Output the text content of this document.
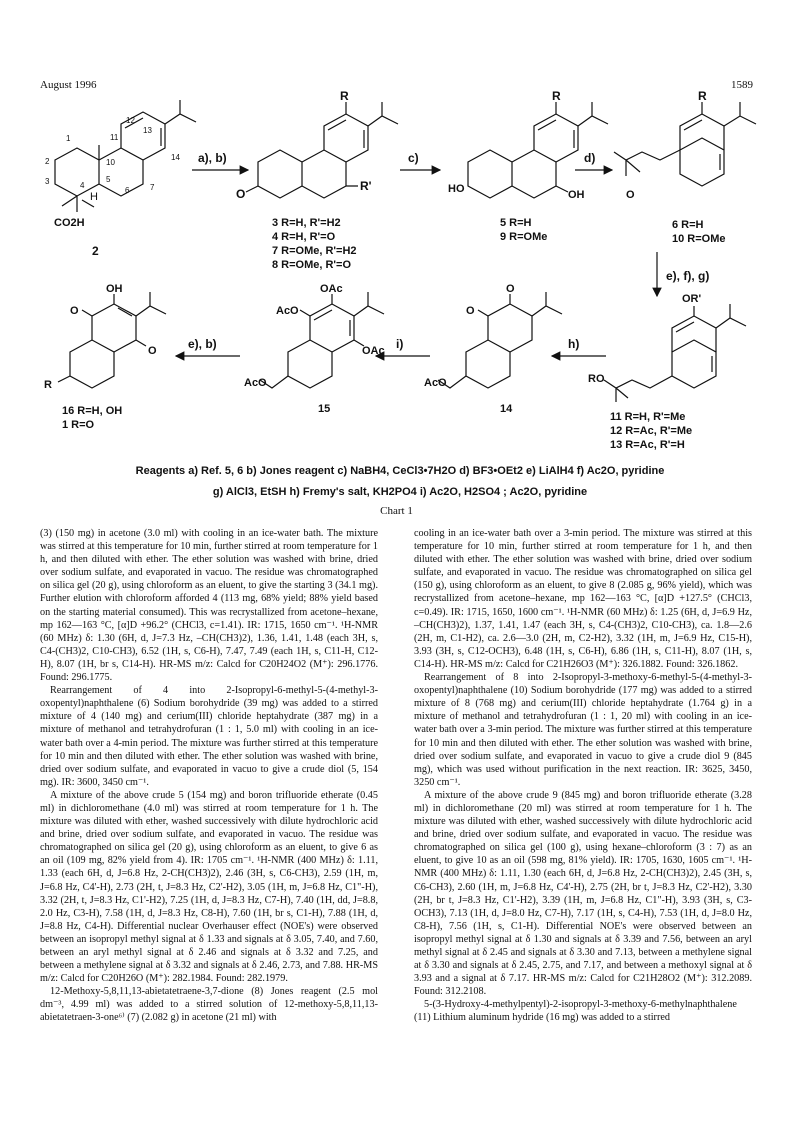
August 1996	1589
CO2H
H
2
12
13
11
14
2
3
1
10
5
4
6	7
a), b)
R
R'
O
3 R=H, R'=H2
4 R=H, R'=O
7 R=OMe, R'=H2
8 R=OMe, R'=O
c)
R
HO	OH
5 R=H
9 R=OMe
d)
R
O
6 R=H
10 R=OMe
e), f), g)
OR'
RO
11 R=H, R'=Me
12 R=Ac, R'=Me
13 R=Ac, R'=H
h)
O
O
AcO
14
i)
OAc
AcO
OAc
AcO
15
e), b)
OH
O
O
R
16 R=H, OH
1 R=O
Reagents a) Ref. 5, 6 b) Jones reagent c) NaBH4, CeCl3•7H2O d) BF3•OEt2 e) LiAlH4 f) Ac2O, pyridine
g) AlCl3, EtSH h) Fremy's salt, KH2PO4 i) Ac2O, H2SO4 ; Ac2O, pyridine
Chart 1

(3) (150 mg) in acetone (3.0 ml) with cooling in an ice-water bath. The mixture was stirred at this temperature for 10 min, further stirred at room temperature for 1 h, and then diluted with ether. The ether solution was washed with brine, dried over sodium sulfate, and evaporated in vacuo. The residue was chromatographed on silica gel (20 g), using chloroform as an eluent, to give the starting 3 (34.1 mg). Further elution with chloroform afforded 4 (113 mg, 68% yield; 88% yield based on the starting material consumed). This was recrystallized from acetone–hexane, mp 162—163 °C, [α]D +96.2° (CHCl3, c=1.41). IR: 1715, 1650 cm⁻¹. ¹H-NMR (60 MHz) δ: 1.30 (6H, d, J=7.3 Hz, –CH(CH3)2), 1.36, 1.41, 1.48 (each 3H, s, C4-(CH3)2, C10-CH3), 6.52 (1H, s, C6-H), 7.47, 7.49 (each 1H, s, C11-H, C12-H), 8.07 (1H, br s, C14-H). HR-MS m/z: Calcd for C20H24O2 (M⁺): 296.1776. Found: 296.1775.

Rearrangement of 4 into 2-Isopropyl-6-methyl-5-(4-methyl-3-oxopentyl)naphthalene (6) Sodium borohydride (39 mg) was added to a stirred mixture of 4 (140 mg) and cerium(III) chloride heptahydrate (387 mg) in a mixture of methanol and tetrahydrofuran (1 : 1, 5.0 ml) with cooling in an ice-water bath over a 4-min period. The mixture was further stirred at this temperature for 10 min and then diluted with ether. The ether solution was washed with brine, dried over sodium sulfate, and evaporated in vacuo to give a crude diol (5, 154 mg). IR: 3600, 3450 cm⁻¹.

A mixture of the above crude 5 (154 mg) and boron trifluoride etherate (0.45 ml) in dichloromethane (4.0 ml) was stirred at room temperature for 1 h. The mixture was diluted with ether, washed successively with dilute hydrochloric acid and brine, dried over sodium sulfate, and evaporated in vacuo. The residue was chromatographed on silica gel (20 g), using chloroform as an eluent, to give 6 as an oil (109 mg, 82% yield from 4). IR: 1705 cm⁻¹. ¹H-NMR (400 MHz) δ: 1.11, 1.33 (each 6H, d, J=6.8 Hz, 2-CH(CH3)2), 2.46 (3H, s, C6-CH3), 2.59 (1H, m, J=6.8 Hz, C4'-H), 2.73 (2H, t, J=8.3 Hz, C2'-H2), 3.05 (1H, m, J=6.8 Hz, C1"-H), 3.32 (2H, t, J=8.3 Hz, C1'-H2), 7.25 (1H, d, J=8.3 Hz, C7-H), 7.40 (1H, dd, J=8.8, 2.0 Hz, C3-H), 7.58 (1H, d, J=8.3 Hz, C8-H), 7.60 (1H, br s, C1-H), 7.88 (1H, d, J=8.8 Hz, C4-H). Differential nuclear Overhauser effect (NOE's) were observed between an isopropyl methyl signal at δ 1.33 and signals at δ 3.05, 7.40, and 7.60, between an aryl methyl signal at δ 2.46 and signals at δ 3.32 and 7.25, and between a methylene signal at δ 3.32 and signals at δ 2.46, 2.73, and 7.88. HR-MS m/z: Calcd for C20H26O (M⁺): 282.1984. Found: 282.1979.

12-Methoxy-5,8,11,13-abietatetraene-3,7-dione (8) Jones reagent (2.5 mol dm⁻³, 4.99 ml) was added to a stirred solution of 12-methoxy-5,8,11,13-abietatetraen-3-one⁶⁾ (7) (2.082 g) in acetone (21 ml) with

cooling in an ice-water bath over a 3-min period. The mixture was stirred at this temperature for 10 min, further stirred at room temperature for 1 h, and then diluted with ether. The ether solution was washed with brine, dried over sodium sulfate, and evaporated in vacuo. The residue was chromatographed on silica gel (150 g), using chloroform as an eluent, to give 8 (2.085 g, 96% yield), which was recrystallized from acetone–hexane, mp 162—163 °C, [α]D +127.5° (CHCl3, c=0.49). IR: 1715, 1650, 1600 cm⁻¹. ¹H-NMR (60 MHz) δ: 1.25 (6H, d, J=6.9 Hz, –CH(CH3)2), 1.37, 1.41, 1.47 (each 3H, s, C4-(CH3)2, C10-CH3), ca. 1.8—2.6 (2H, m, C1-H2), ca. 2.6—3.0 (2H, m, C2-H2), 3.32 (1H, m, J=6.9 Hz, C15-H), 3.93 (3H, s, C12-OCH3), 6.48 (1H, s, C6-H), 6.86 (1H, s, C11-H), 8.07 (1H, s, C14-H). HR-MS m/z: Calcd for C21H26O3 (M⁺): 326.1882. Found: 326.1862.

Rearrangement of 8 into 2-Isopropyl-3-methoxy-6-methyl-5-(4-methyl-3-oxopentyl)naphthalene (10) Sodium borohydride (177 mg) was added to a stirred mixture of 8 (768 mg) and cerium(III) chloride heptahydrate (1.764 g) in a mixture of methanol and tetrahydrofuran (1 : 1, 20 ml) with cooling in an ice-water bath over a 3-min period. The mixture was further stirred at this temperature for 10 min and then diluted with ether. The ether solution was washed with brine, dried over sodium sulfate, and evaporated in vacuo to give a crude diol 9 (845 mg), which was used without purification in the next reaction. IR: 3625, 3450, 3250 cm⁻¹.

A mixture of the above crude 9 (845 mg) and boron trifluoride etherate (3.28 ml) in dichloromethane (20 ml) was stirred at room temperature for 1 h. The mixture was diluted with ether, washed successively with dilute hydrochloric acid and brine, dried over sodium sulfate, and evaporated in vacuo. The residue was chromatographed on silica gel (100 g), using hexane–chloroform (3 : 7) as an eluent, to give 10 as an oil (598 mg, 81% yield). IR: 1705, 1630, 1605 cm⁻¹. ¹H-NMR (400 MHz) δ: 1.11, 1.30 (each 6H, d, J=6.8 Hz, 2-CH(CH3)2), 2.45 (3H, s, C6-CH3), 2.60 (1H, m, J=6.8 Hz, C4'-H), 2.75 (2H, br t, J=8.3 Hz, C2'-H2), 3.30 (2H, br t, J=8.3 Hz, C1'-H2), 3.39 (1H, m, J=6.8 Hz, C1"-H), 3.93 (3H, s, C3-OCH3), 7.13 (1H, d, J=8.0 Hz, C7-H), 7.17 (1H, s, C4-H), 7.53 (1H, d, J=8.0 Hz, C8-H), 7.56 (1H, s, C1-H). Differential NOE's were observed between an isopropyl methyl signal at δ 1.30 and signals at δ 3.39 and 7.56, between an aryl methyl signal at δ 2.45 and signals at δ 3.30 and 7.13, between a methylene signal at δ 3.30 and signals at δ 2.45, 2.75, and 7.17, and between a methoxyl signal at δ 3.93 and a signal at δ 7.17. HR-MS m/z: Calcd for C21H28O2 (M⁺): 312.2089. Found: 312.2108.

5-(3-Hydroxy-4-methylpentyl)-2-isopropyl-3-methoxy-6-methylnaphthalene (11) Lithium aluminum hydride (16 mg) was added to a stirred
